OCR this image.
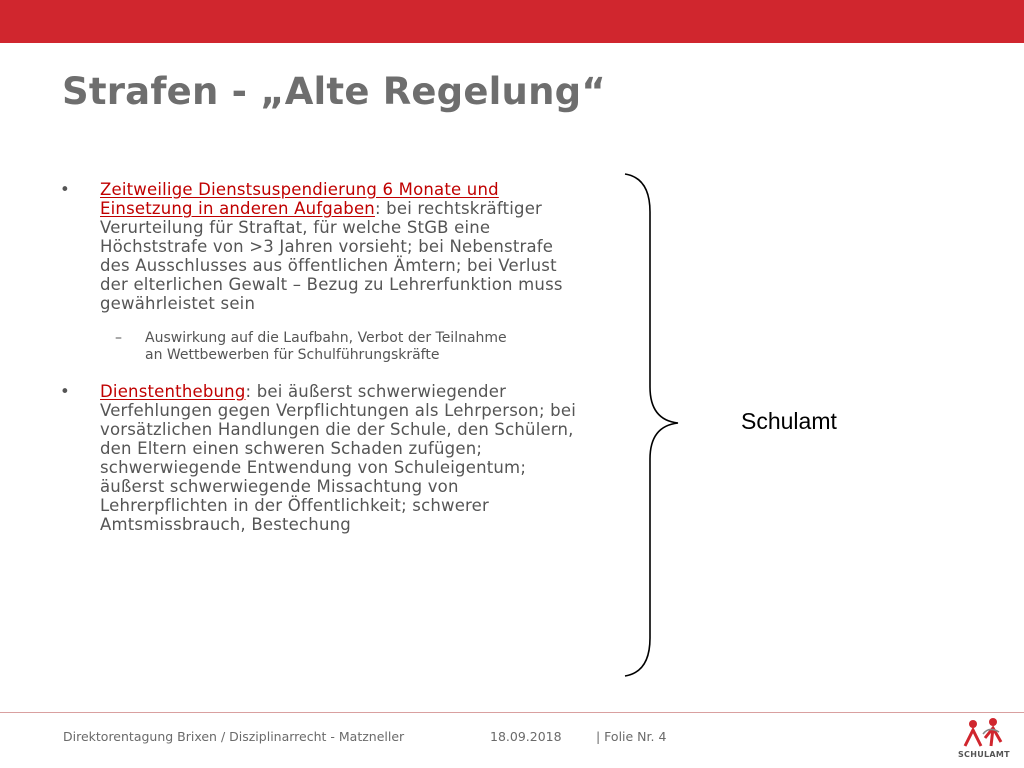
Strafen - „Alte Regelung“
• Zeitweilige Dienstsuspendierung 6 Monate und Einsetzung in anderen Aufgaben: bei rechtskräftiger Verurteilung für Straftat, für welche StGB eine Höchststrafe von >3 Jahren vorsieht; bei Nebenstrafe des Ausschlusses aus öffentlichen Ämtern; bei Verlust der elterlichen Gewalt – Bezug zu Lehrerfunktion muss gewährleistet sein
– Auswirkung auf die Laufbahn, Verbot der Teilnahme an Wettbewerben für Schulführungskräfte
• Dienstenthebung: bei äußerst schwerwiegender Verfehlungen gegen Verpflichtungen als Lehrperson; bei vorsätzlichen Handlungen die der Schule, den Schülern, den Eltern einen schweren Schaden zufügen; schwerwiegende Entwendung von Schuleigentum; äußerst schwerwiegende Missachtung von Lehrerpflichten in der Öffentlichkeit; schwerer Amtsmissbrauch, Bestechung
Schulamt
Direktorentagung Brixen / Disziplinarrecht - Matzneller	18.09.2018	| Folie Nr. 4
SCHULAMT
